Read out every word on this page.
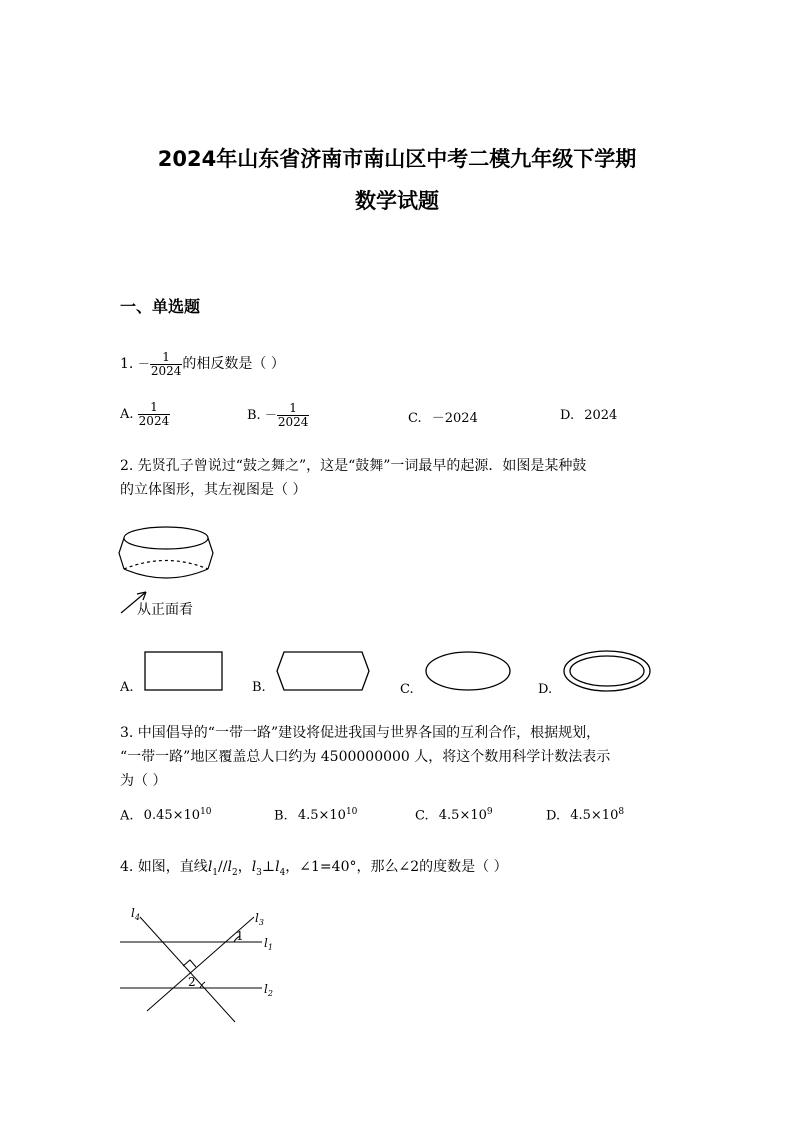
2024年山东省济南市南山区中考二模九年级下学期
数学试题
一、单选题
1. － $\frac{1}{2024}$ 的相反数是（ ）
A. $\frac{1}{2024}$	B. － $\frac{1}{2024}$	C. －2024	D. 2024
2. 先贤孔子曾说过“鼓之舞之”，这是“鼓舞”一词最早的起源．如图是某种鼓
的立体图形，其左视图是（ ）
从正面看
A.	B.	C.	D.
3. 中国倡导的“一带一路”建设将促进我国与世界各国的互利合作，根据规划，
“一带一路”地区覆盖总人口约为 4500000000 人，将这个数用科学计数法表示
为（ ）
A. $0.45\times 10^{10}$	B. $4.5\times 10^{10}$	C. $4.5\times 10^9$	D. $4.5\times 10^8$
4. 如图，直线$l_1//l_2$，$l_3\perp l_4$，∠1=40°，那么∠2的度数是（ ）
$l_4$	$l_3$
$l_1$
$l_2$
1
2
